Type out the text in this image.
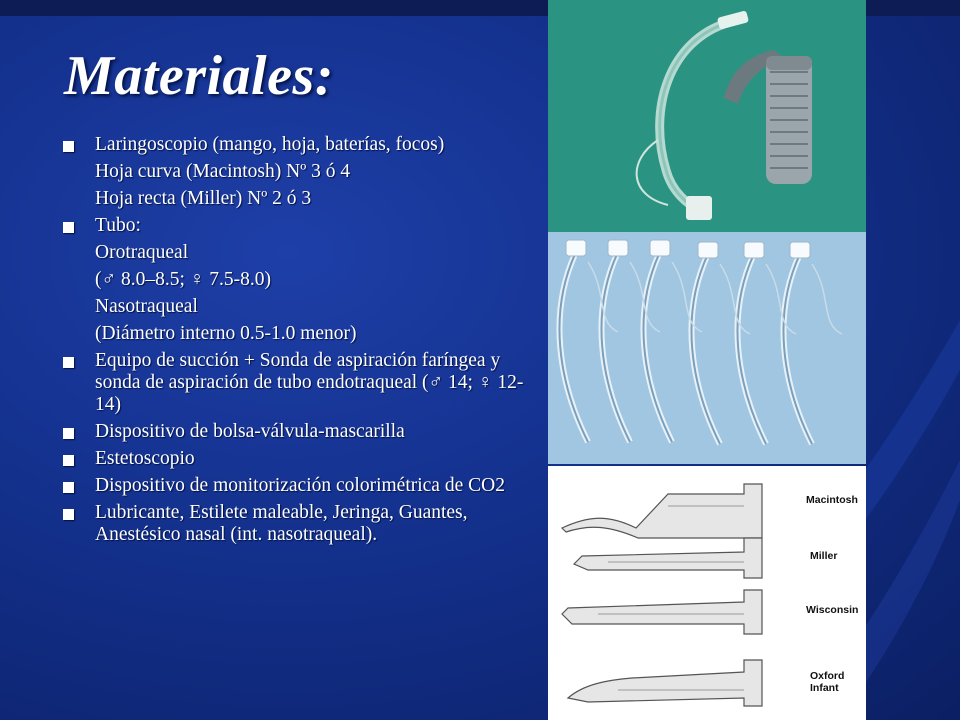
Materiales:
Laringoscopio (mango, hoja, baterías, focos)
Hoja curva (Macintosh) Nº 3 ó 4
Hoja recta (Miller) Nº 2 ó 3
Tubo:
Orotraqueal
(♂ 8.0–8.5; ♀ 7.5-8.0)
Nasotraqueal
(Diámetro interno 0.5-1.0 menor)
Equipo de succión + Sonda de aspiración faríngea y sonda de aspiración de tubo endotraqueal (♂ 14; ♀ 12-14)
Dispositivo de bolsa-válvula-mascarilla
Estetoscopio
Dispositivo de monitorización colorimétrica de CO2
Lubricante, Estilete maleable, Jeringa, Guantes, Anestésico nasal (int. nasotraqueal).
Macintosh
Miller
Wisconsin
Oxford
Infant
